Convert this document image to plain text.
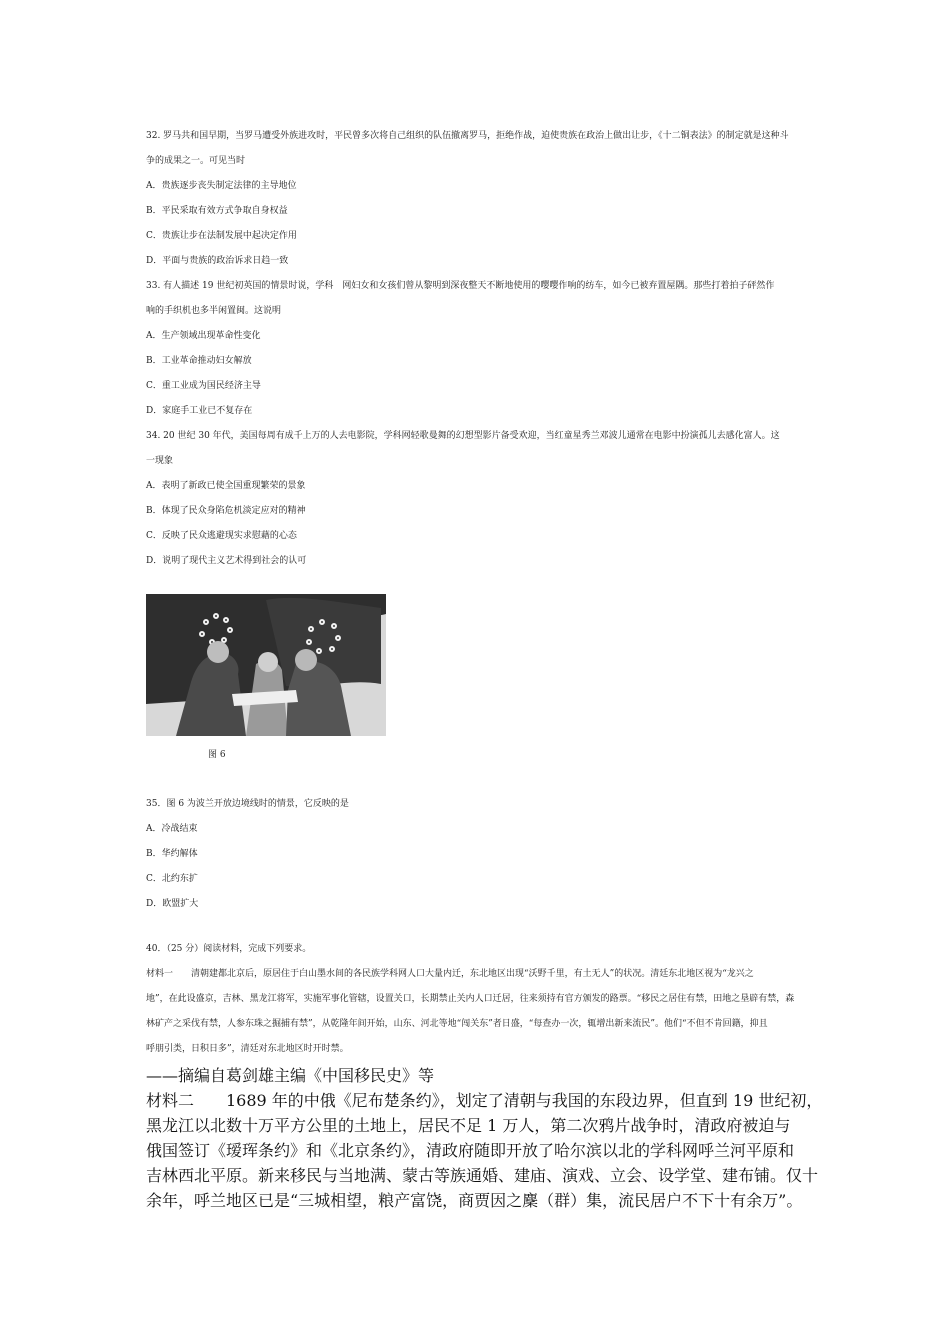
32. 罗马共和国早期，当罗马遭受外族进攻时，平民曾多次将自己组织的队伍撤离罗马，拒绝作战，迫使贵族在政治上做出让步，《十二铜表法》的制定就是这种斗
争的成果之一。可见当时
A．贵族逐步丧失制定法律的主导地位
B．平民采取有效方式争取自身权益
C．贵族让步在法制发展中起决定作用
D．平面与贵族的政治诉求日趋一致
33. 有人描述 19 世纪初英国的情景时说，学科　网妇女和女孩们曾从黎明到深夜整天不断地使用的嘤嘤作响的纺车，如今已被弃置屋隅。那些打着拍子砰然作
响的手织机也多半闲置闽。这说明
A．生产领域出现革命性变化
B．工业革命推动妇女解放
C．重工业成为国民经济主导
D．家庭手工业已不复存在
34. 20 世纪 30 年代，美国每周有成千上万的人去电影院，学科网轻歌曼舞的幻想型影片备受欢迎，当红童星秀兰邓波儿通常在电影中扮演孤儿去感化富人。这
一现象
A．表明了新政已使全国重现繁荣的景象
B．体现了民众身陷危机淡定应对的精神
C．反映了民众逃避现实求慰藉的心态
D．说明了现代主义艺术得到社会的认可
图 6
35．图 6 为波兰开放边境线时的情景，它反映的是
A．冷战结束
B．华约解体
C．北约东扩
D．欧盟扩大
40．（25 分）阅读材料，完成下列要求。
材料一　　清朝建都北京后，原居住于白山墨水间的各民族学科网人口大量内迁，东北地区出现“沃野千里，有土无人”的状况。清廷东北地区视为“龙兴之
地”，在此设盛京，吉林、黑龙江将军，实施军事化管辖，设置关口，长期禁止关内人口迁居，往来须持有官方颁发的路票。“移民之居住有禁，田地之垦辟有禁，森
林矿产之采伐有禁，人参东珠之掘捕有禁”，从乾隆年间开始，山东、河北等地“闯关东”者日盛，“每查办一次，辄增出新来流民”。他们“不但不肯回籍，抑且
呼朋引类，日积日多”，清廷对东北地区时开时禁。
——摘编自葛剑雄主编《中国移民史》等
材料二　　1689 年的中俄《尼布楚条约》，划定了清朝与我国的东段边界，但直到 19 世纪初，
黑龙江以北数十万平方公里的土地上，居民不足 1 万人，第二次鸦片战争时，清政府被迫与
俄国签订《瑷珲条约》和《北京条约》，清政府随即开放了哈尔滨以北的学科网呼兰河平原和
吉林西北平原。新来移民与当地满、蒙古等族通婚、建庙、演戏、立会、设学堂、建布铺。仅十
余年，呼兰地区已是“三城相望，粮产富饶，商贾因之麇（群）集，流民居户不下十有余万”。
